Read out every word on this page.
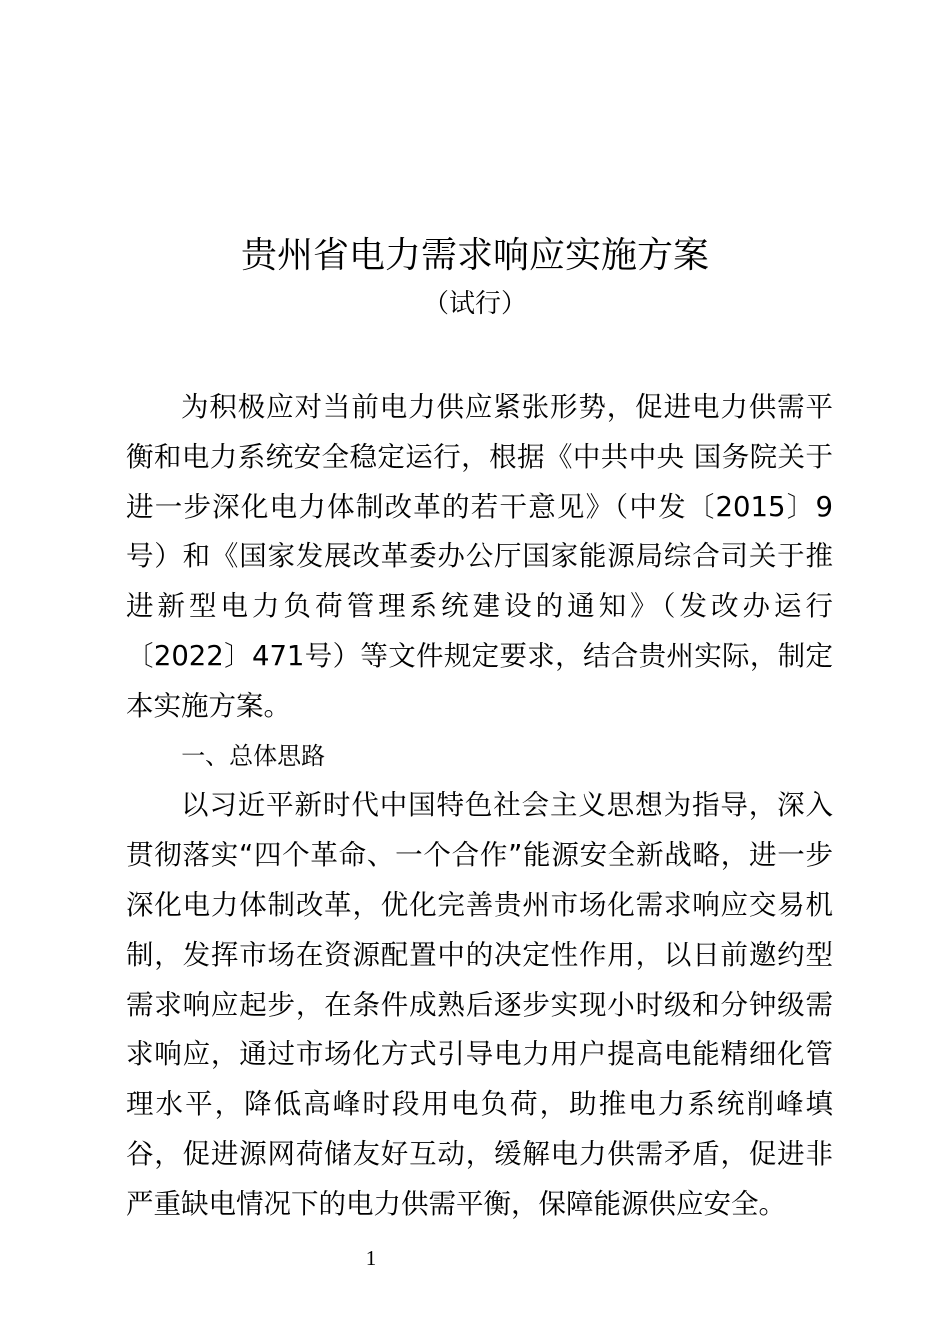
贵州省电力需求响应实施方案
（试行）

为积极应对当前电力供应紧张形势，促进电力供需平衡和电力系统安全稳定运行，根据《中共中央 国务院关于进一步深化电力体制改革的若干意见》（中发〔2015〕9号）和《国家发展改革委办公厅国家能源局综合司关于推进新型电力负荷管理系统建设的通知》（发改办运行〔2022〕471号）等文件规定要求，结合贵州实际，制定本实施方案。

一、总体思路

以习近平新时代中国特色社会主义思想为指导，深入贯彻落实“四个革命、一个合作”能源安全新战略，进一步深化电力体制改革，优化完善贵州市场化需求响应交易机制，发挥市场在资源配置中的决定性作用，以日前邀约型需求响应起步，在条件成熟后逐步实现小时级和分钟级需求响应，通过市场化方式引导电力用户提高电能精细化管理水平，降低高峰时段用电负荷，助推电力系统削峰填谷，促进源网荷储友好互动，缓解电力供需矛盾，促进非严重缺电情况下的电力供需平衡，保障能源供应安全。

1
